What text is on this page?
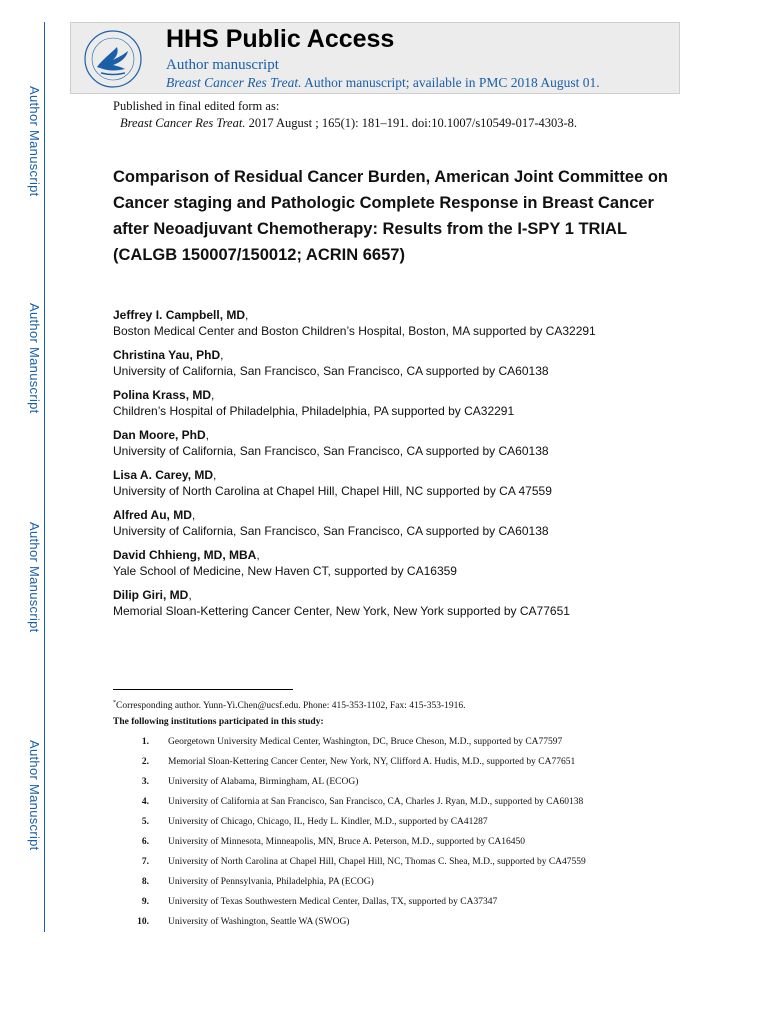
Author Manuscript
Author Manuscript
Author Manuscript
Author Manuscript
HHS Public Access
Author manuscript
Breast Cancer Res Treat. Author manuscript; available in PMC 2018 August 01.
Published in final edited form as:
Breast Cancer Res Treat. 2017 August ; 165(1): 181–191. doi:10.1007/s10549-017-4303-8.
Comparison of Residual Cancer Burden, American Joint Committee on Cancer staging and Pathologic Complete Response in Breast Cancer after Neoadjuvant Chemotherapy: Results from the I-SPY 1 TRIAL (CALGB 150007/150012; ACRIN 6657)
Jeffrey I. Campbell, MD,
Boston Medical Center and Boston Children’s Hospital, Boston, MA supported by CA32291
Christina Yau, PhD,
University of California, San Francisco, San Francisco, CA supported by CA60138
Polina Krass, MD,
Children’s Hospital of Philadelphia, Philadelphia, PA supported by CA32291
Dan Moore, PhD,
University of California, San Francisco, San Francisco, CA supported by CA60138
Lisa A. Carey, MD,
University of North Carolina at Chapel Hill, Chapel Hill, NC supported by CA 47559
Alfred Au, MD,
University of California, San Francisco, San Francisco, CA supported by CA60138
David Chhieng, MD, MBA,
Yale School of Medicine, New Haven CT, supported by CA16359
Dilip Giri, MD,
Memorial Sloan-Kettering Cancer Center, New York, New York supported by CA77651
*Corresponding author. Yunn-Yi.Chen@ucsf.edu. Phone: 415-353-1102, Fax: 415-353-1916.
The following institutions participated in this study:
1.	Georgetown University Medical Center, Washington, DC, Bruce Cheson, M.D., supported by CA77597
2.	Memorial Sloan-Kettering Cancer Center, New York, NY, Clifford A. Hudis, M.D., supported by CA77651
3.	University of Alabama, Birmingham, AL (ECOG)
4.	University of California at San Francisco, San Francisco, CA, Charles J. Ryan, M.D., supported by CA60138
5.	University of Chicago, Chicago, IL, Hedy L. Kindler, M.D., supported by CA41287
6.	University of Minnesota, Minneapolis, MN, Bruce A. Peterson, M.D., supported by CA16450
7.	University of North Carolina at Chapel Hill, Chapel Hill, NC, Thomas C. Shea, M.D., supported by CA47559
8.	University of Pennsylvania, Philadelphia, PA (ECOG)
9.	University of Texas Southwestern Medical Center, Dallas, TX, supported by CA37347
10.	University of Washington, Seattle WA (SWOG)
